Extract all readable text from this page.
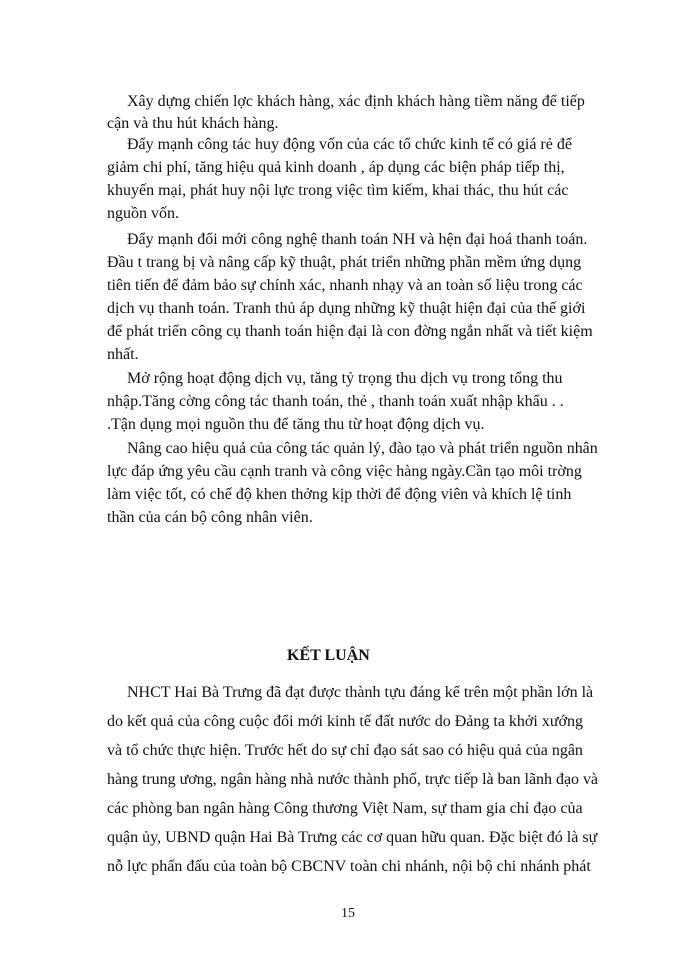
Xây dựng chiến lợc khách hàng, xác định khách hàng tiềm năng để tiếp
cận và thu hút khách hàng.
Đẩy mạnh công tác huy động vốn của các tổ chức kinh tế có giá rẻ để
giảm chi phí, tăng hiệu quả kinh doanh , áp dụng các biện pháp tiếp thị,
khuyến mại, phát huy nội lực trong việc tìm kiếm, khai thác, thu hút các
nguồn vốn.
Đẩy mạnh đổi mới công nghệ thanh toán NH và hện đại hoá thanh toán.
Đầu t trang bị và nâng cấp kỹ thuật, phát triển những phần mềm ứng dụng
tiên tiến để đảm bảo sự chính xác, nhanh nhạy và an toàn số liệu trong các
dịch vụ thanh toán. Tranh thủ áp dụng những kỹ thuật hiện đại của thế giới
để phát triển công cụ thanh toán hiện đại là con đờng ngắn nhất và tiết kiệm
nhất.
Mở rộng hoạt động dịch vụ, tăng tỷ trọng thu dịch vụ trong tổng thu
nhập.Tăng cờng công tác thanh toán, thẻ , thanh toán xuất nhập khẩu . .
.Tận dụng mọi nguồn thu để tăng thu từ hoạt động dịch vụ.
Nâng cao hiệu quả của công tác quản lý, đào tạo và phát triển nguồn nhân
lực đáp ứng yêu cầu cạnh tranh và công việc hàng ngày.Cần tạo môi trờng
làm việc tốt, có chế độ khen thởng kịp thời để động viên và khích lệ tinh
thần của cán bộ công nhân viên.
KẾT LUẬN
NHCT Hai Bà Trưng đã đạt được thành tựu đáng kể trên một phần lớn là
do kết quả của công cuộc đổi mới kinh tế đất nước do Đảng ta khởi xướng
và tổ chức thực hiện. Trước hết do sự chỉ đạo sát sao có hiệu quả của ngân
hàng trung ương, ngân hàng nhà nước thành phố, trực tiếp là ban lãnh đạo và
các phòng ban ngân hàng Công thương Việt Nam, sự tham gia chỉ đạo của
quận ủy, UBND quận Hai Bà Trưng các cơ quan hữu quan. Đặc biệt đó là sự
nỗ lực phấn đấu của toàn bộ CBCNV toàn chi nhánh, nội bộ chi nhánh phát
15
